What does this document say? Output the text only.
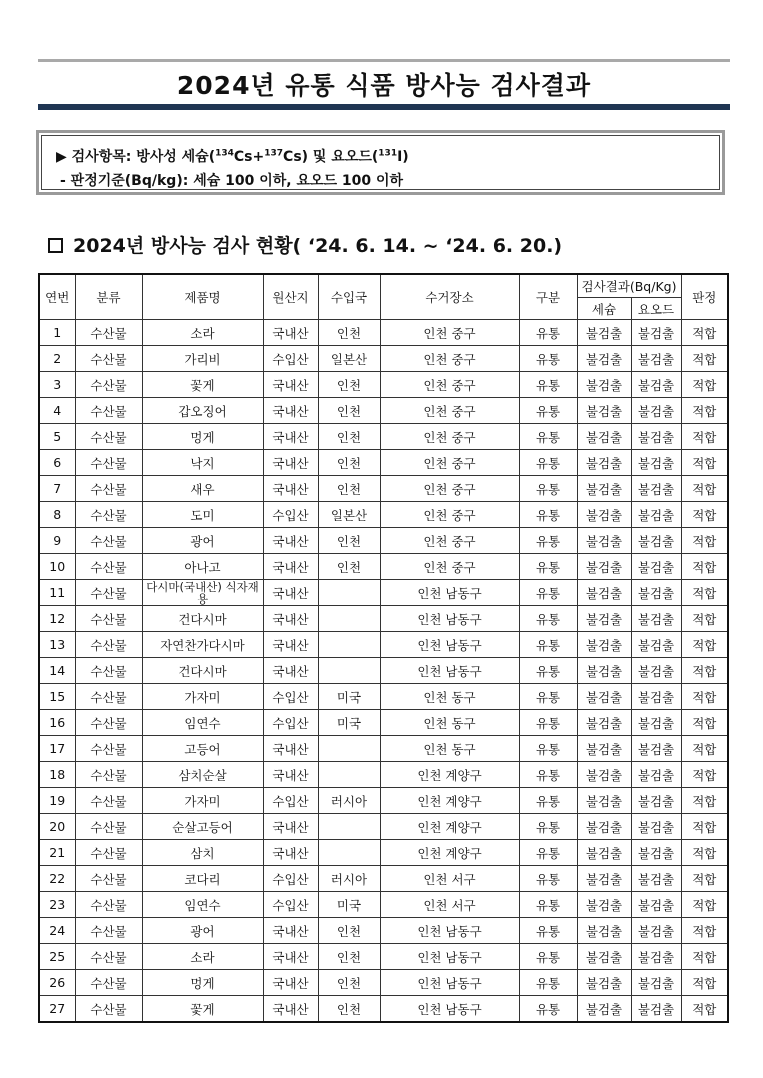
2024년 유통 식품 방사능 검사결과
▶ 검사항목: 방사성 세슘($^{134}$Cs+$^{137}$Cs) 및 요오드($^{131}$I)
- 판정기준(Bq/kg): 세슘 100 이하, 요오드 100 이하
2024년 방사능 검사 현황( ‘24. 6. 14. ~ ‘24. 6. 20.)
연번	분류	제품명	원산지	수입국	수거장소	구분	검사결과(Bq/Kg)		판정
							세슘	요오드	
1	수산물	소라	국내산	인천	인천 중구	유통	불검출	불검출	적합
2	수산물	가리비	수입산	일본산	인천 중구	유통	불검출	불검출	적합
3	수산물	꽃게	국내산	인천	인천 중구	유통	불검출	불검출	적합
4	수산물	갑오징어	국내산	인천	인천 중구	유통	불검출	불검출	적합
5	수산물	멍게	국내산	인천	인천 중구	유통	불검출	불검출	적합
6	수산물	낙지	국내산	인천	인천 중구	유통	불검출	불검출	적합
7	수산물	새우	국내산	인천	인천 중구	유통	불검출	불검출	적합
8	수산물	도미	수입산	일본산	인천 중구	유통	불검출	불검출	적합
9	수산물	광어	국내산	인천	인천 중구	유통	불검출	불검출	적합
10	수산물	아나고	국내산	인천	인천 중구	유통	불검출	불검출	적합
11	수산물	다시마(국내산) 식자재용	국내산		인천 남동구	유통	불검출	불검출	적합
12	수산물	건다시마	국내산		인천 남동구	유통	불검출	불검출	적합
13	수산물	자연찬가다시마	국내산		인천 남동구	유통	불검출	불검출	적합
14	수산물	건다시마	국내산		인천 남동구	유통	불검출	불검출	적합
15	수산물	가자미	수입산	미국	인천 동구	유통	불검출	불검출	적합
16	수산물	임연수	수입산	미국	인천 동구	유통	불검출	불검출	적합
17	수산물	고등어	국내산		인천 동구	유통	불검출	불검출	적합
18	수산물	삼치순살	국내산		인천 계양구	유통	불검출	불검출	적합
19	수산물	가자미	수입산	러시아	인천 계양구	유통	불검출	불검출	적합
20	수산물	순살고등어	국내산		인천 계양구	유통	불검출	불검출	적합
21	수산물	삼치	국내산		인천 계양구	유통	불검출	불검출	적합
22	수산물	코다리	수입산	러시아	인천 서구	유통	불검출	불검출	적합
23	수산물	임연수	수입산	미국	인천 서구	유통	불검출	불검출	적합
24	수산물	광어	국내산	인천	인천 남동구	유통	불검출	불검출	적합
25	수산물	소라	국내산	인천	인천 남동구	유통	불검출	불검출	적합
26	수산물	멍게	국내산	인천	인천 남동구	유통	불검출	불검출	적합
27	수산물	꽃게	국내산	인천	인천 남동구	유통	불검출	불검출	적합
